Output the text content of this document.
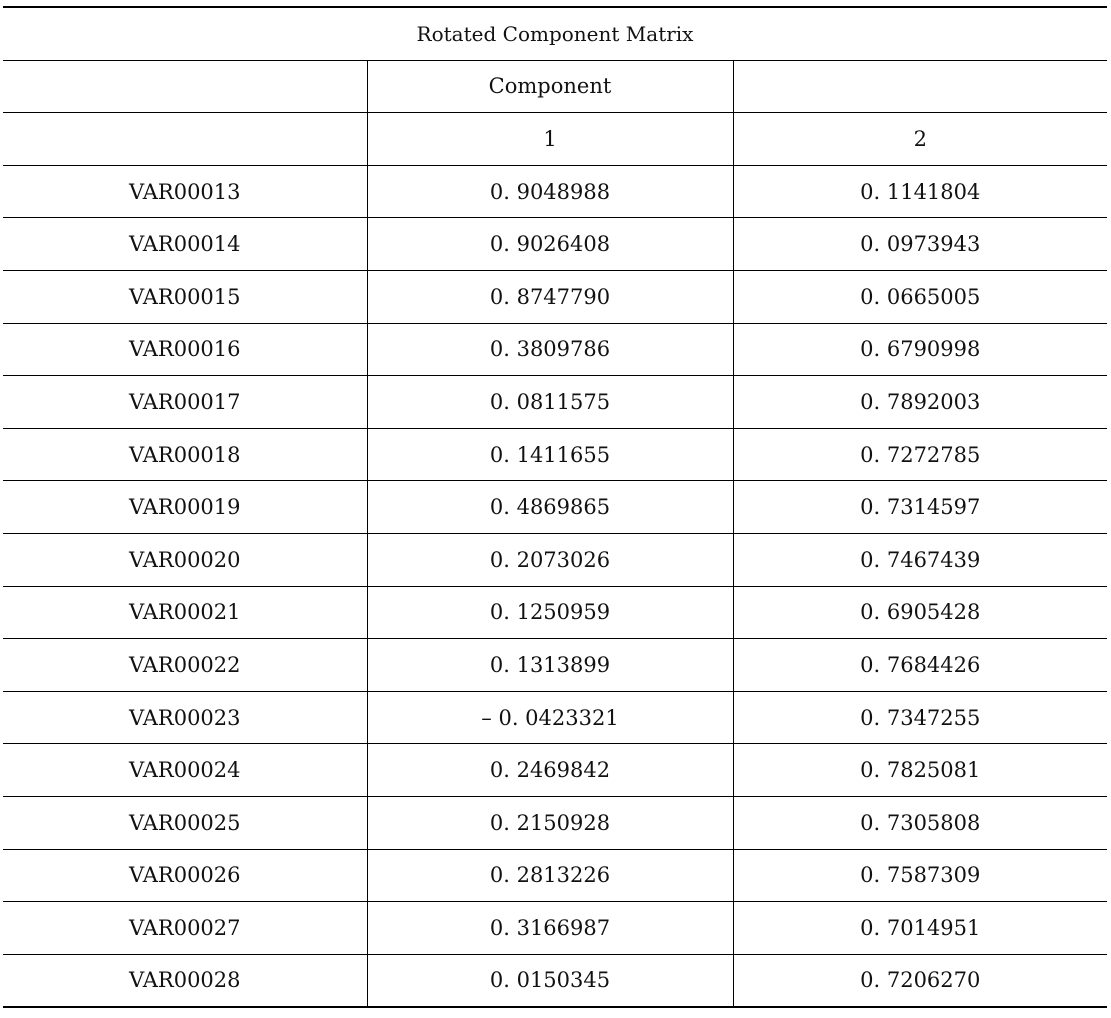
Rotated Component Matrix		
	Component	
	1	2
VAR00013	0. 9048988	0. 1141804
VAR00014	0. 9026408	0. 0973943
VAR00015	0. 8747790	0. 0665005
VAR00016	0. 3809786	0. 6790998
VAR00017	0. 0811575	0. 7892003
VAR00018	0. 1411655	0. 7272785
VAR00019	0. 4869865	0. 7314597
VAR00020	0. 2073026	0. 7467439
VAR00021	0. 1250959	0. 6905428
VAR00022	0. 1313899	0. 7684426
VAR00023	– 0. 0423321	0. 7347255
VAR00024	0. 2469842	0. 7825081
VAR00025	0. 2150928	0. 7305808
VAR00026	0. 2813226	0. 7587309
VAR00027	0. 3166987	0. 7014951
VAR00028	0. 0150345	0. 7206270
